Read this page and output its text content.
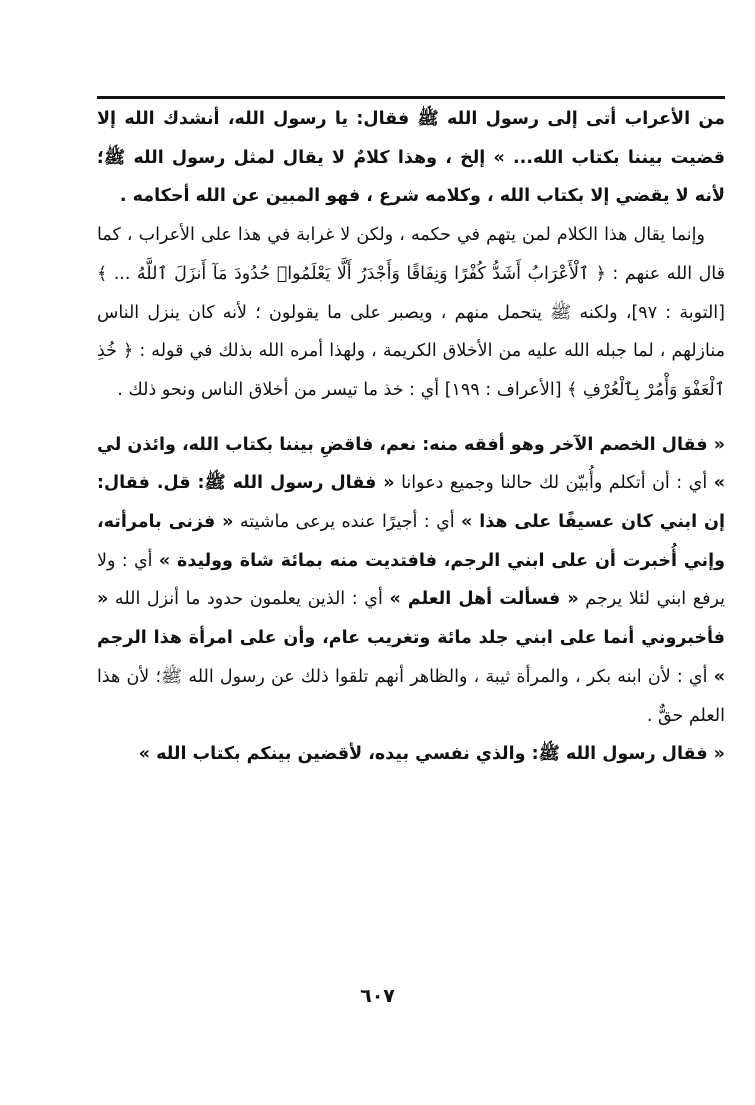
من الأعراب أتى إلى رسول الله ﷺ فقال: يا رسول الله، أنشدك الله إلا قضيت بيننا بكتاب الله... » إلخ ، وهذا كلامٌ لا يقال لمثل رسول الله ﷺ؛ لأنه لا يقضي إلا بكتاب الله ، وكلامه شرع ، فهو المبين عن الله أحكامه .

وإنما يقال هذا الكلام لمن يتهم في حكمه ، ولكن لا غرابة في هذا على الأعراب ، كما قال الله عنهم : ﴿ ٱلْأَعْرَابُ أَشَدُّ كُفْرًا وَنِفَاقًا وَأَجْدَرُ أَلَّا يَعْلَمُوا۟ حُدُودَ مَآ أَنزَلَ ٱللَّهُ ... ﴾ [التوبة : ٩٧]، ولكنه ﷺ يتحمل منهم ، ويصبر على ما يقولون ؛ لأنه كان ينزل الناس منازلهم ، لما جبله الله عليه من الأخلاق الكريمة ، ولهذا أمره الله بذلك في قوله : ﴿ خُذِ ٱلْعَفْوَ وَأْمُرْ بِٱلْعُرْفِ ﴾ [الأعراف : ١٩٩] أي : خذ ما تيسر من أخلاق الناس ونحو ذلك .

« فقال الخصم الآخر وهو أفقه منه: نعم، فاقضِ بيننا بكتاب الله، وائذن لي » أي : أن أتكلم وأُبيّن لك حالنا وجميع دعوانا « فقال رسول الله ﷺ: قل. فقال: إن ابني كان عسيفًا على هذا » أي : أجيرًا عنده يرعى ماشيته « فزنى بامرأته، وإني أُخبرت أن على ابني الرجم، فافتديت منه بمائة شاة ووليدة » أي : ولا يرفع ابني لئلا يرجم « فسألت أهل العلم » أي : الذين يعلمون حدود ما أنزل الله « فأخبروني أنما على ابني جلد مائة وتغريب عام، وأن على امرأة هذا الرجم » أي : لأن ابنه بكر ، والمرأة ثيبة ، والظاهر أنهم تلقوا ذلك عن رسول الله ﷺ؛ لأن هذا العلم حقٌّ .

« فقال رسول الله ﷺ: والذي نفسي بيده، لأقضين بينكم بكتاب الله »

٦٠٧
